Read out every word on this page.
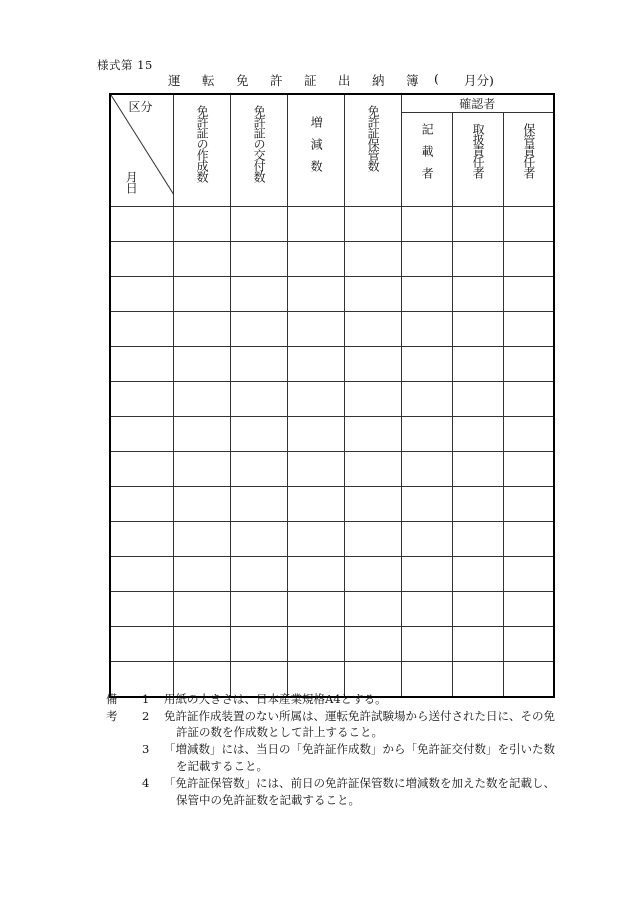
様式第 15
運 転 免 許 証 出 納 簿 ( 月分)
区分
月日	免許証の作成数	免許証の交付数	増減数	免許証保管数	確認者		
					記載者	取扱責任者	保管責任者

備考
1 用紙の大きさは、日本産業規格A4とする。
2 免許証作成装置のない所属は、運転免許試験場から送付された日に、その免
許証の数を作成数として計上すること。
3 「増減数」には、当日の「免許証作成数」から「免許証交付数」を引いた数
を記載すること。
4 「免許証保管数」には、前日の免許証保管数に増減数を加えた数を記載し、
保管中の免許証数を記載すること。
